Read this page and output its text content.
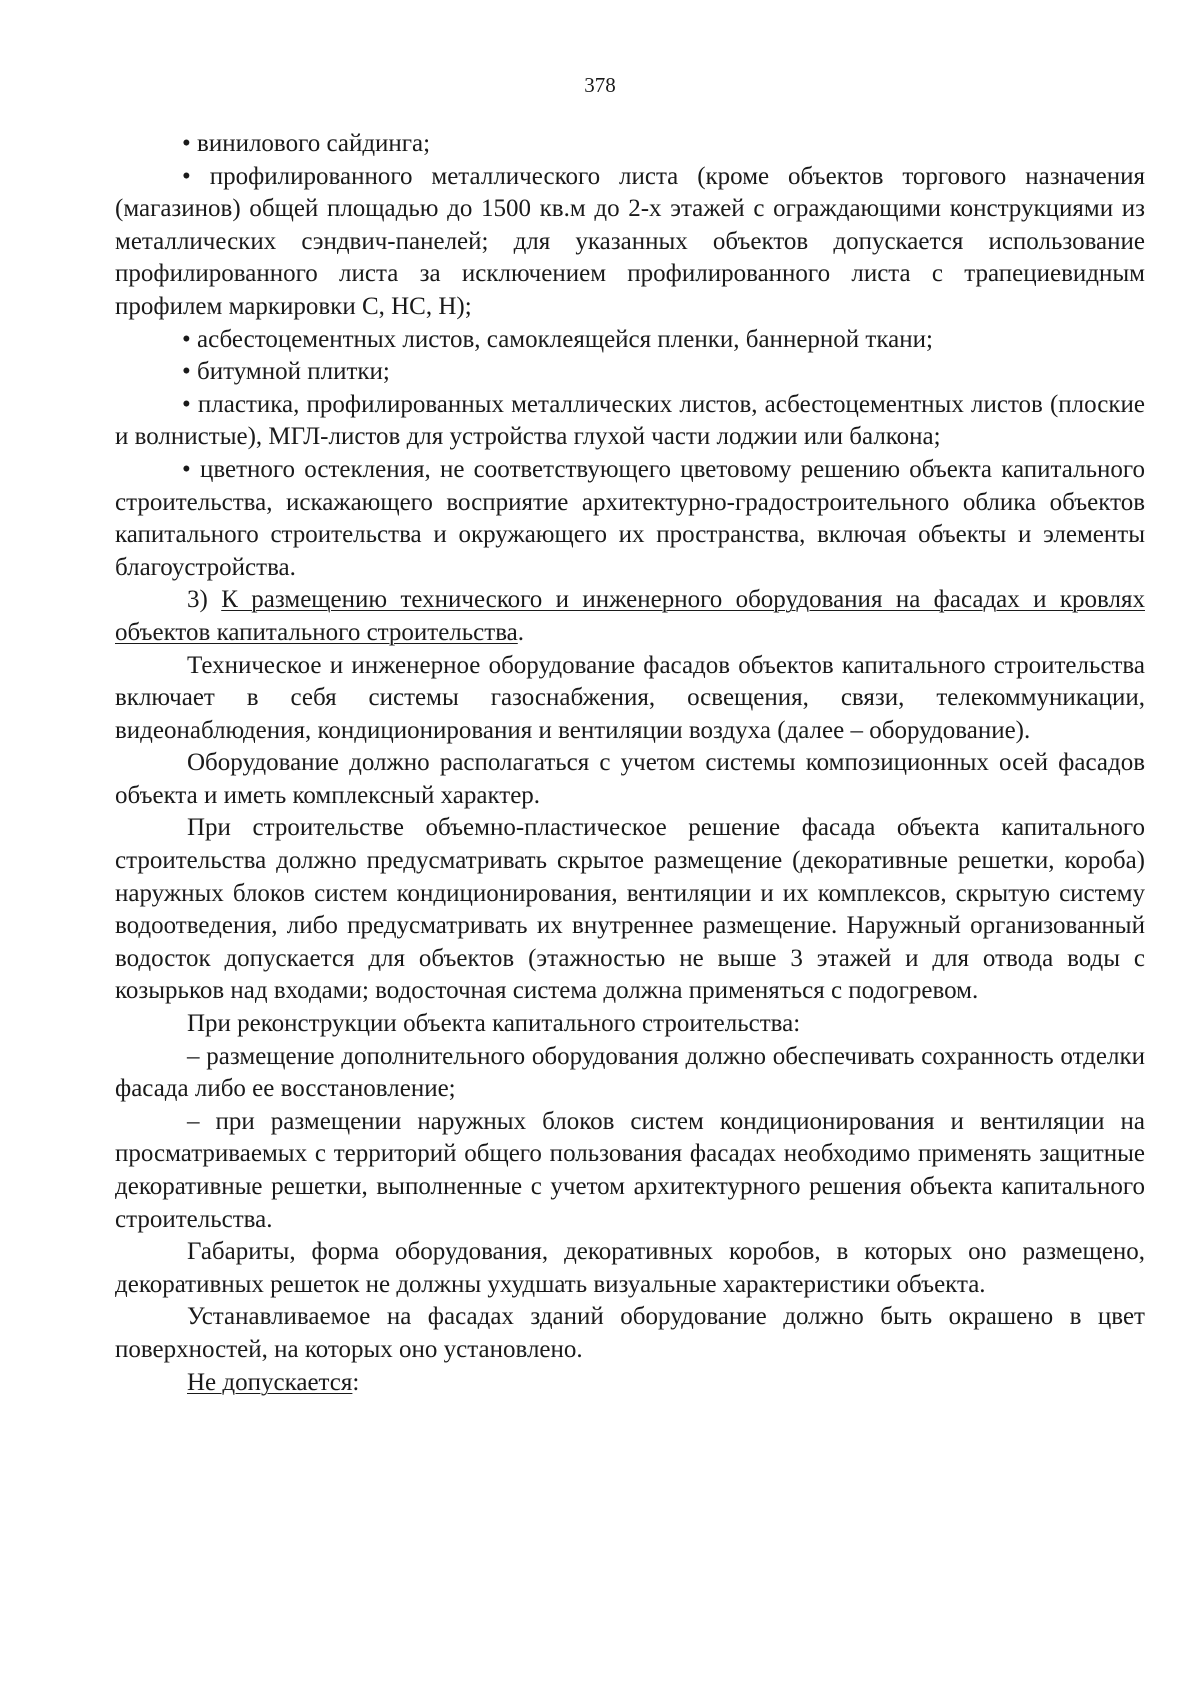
378

• винилового сайдинга;

• профилированного металлического листа (кроме объектов торгового назначения (магазинов) общей площадью до 1500 кв.м до 2-х этажей с ограждающими конструкциями из металлических сэндвич-панелей; для указанных объектов допускается использование профилированного листа за исключением профилированного листа с трапециевидным профилем маркировки С, НС, Н);

• асбестоцементных листов, самоклеящейся пленки, баннерной ткани;

• битумной плитки;

• пластика, профилированных металлических листов, асбестоцементных листов (плоские и волнистые), МГЛ-листов для устройства глухой части лоджии или балкона;

• цветного остекления, не соответствующего цветовому решению объекта капитального строительства, искажающего восприятие архитектурно-градостроительного облика объектов капитального строительства и окружающего их пространства, включая объекты и элементы благоустройства.

3) К размещению технического и инженерного оборудования на фасадах и кровлях объектов капитального строительства.

Техническое и инженерное оборудование фасадов объектов капитального строительства включает в себя системы газоснабжения, освещения, связи, телекоммуникации, видеонаблюдения, кондиционирования и вентиляции воздуха (далее – оборудование).

Оборудование должно располагаться с учетом системы композиционных осей фасадов объекта и иметь комплексный характер.

При строительстве объемно-пластическое решение фасада объекта капитального строительства должно предусматривать скрытое размещение (декоративные решетки, короба) наружных блоков систем кондиционирования, вентиляции и их комплексов, скрытую систему водоотведения, либо предусматривать их внутреннее размещение. Наружный организованный водосток допускается для объектов (этажностью не выше 3 этажей и для отвода воды с козырьков над входами; водосточная система должна применяться с подогревом.

При реконструкции объекта капитального строительства:

– размещение дополнительного оборудования должно обеспечивать сохранность отделки фасада либо ее восстановление;

– при размещении наружных блоков систем кондиционирования и вентиляции на просматриваемых с территорий общего пользования фасадах необходимо применять защитные декоративные решетки, выполненные с учетом архитектурного решения объекта капитального строительства.

Габариты, форма оборудования, декоративных коробов, в которых оно размещено, декоративных решеток не должны ухудшать визуальные характеристики объекта.

Устанавливаемое на фасадах зданий оборудование должно быть окрашено в цвет поверхностей, на которых оно установлено.

Не допускается:
